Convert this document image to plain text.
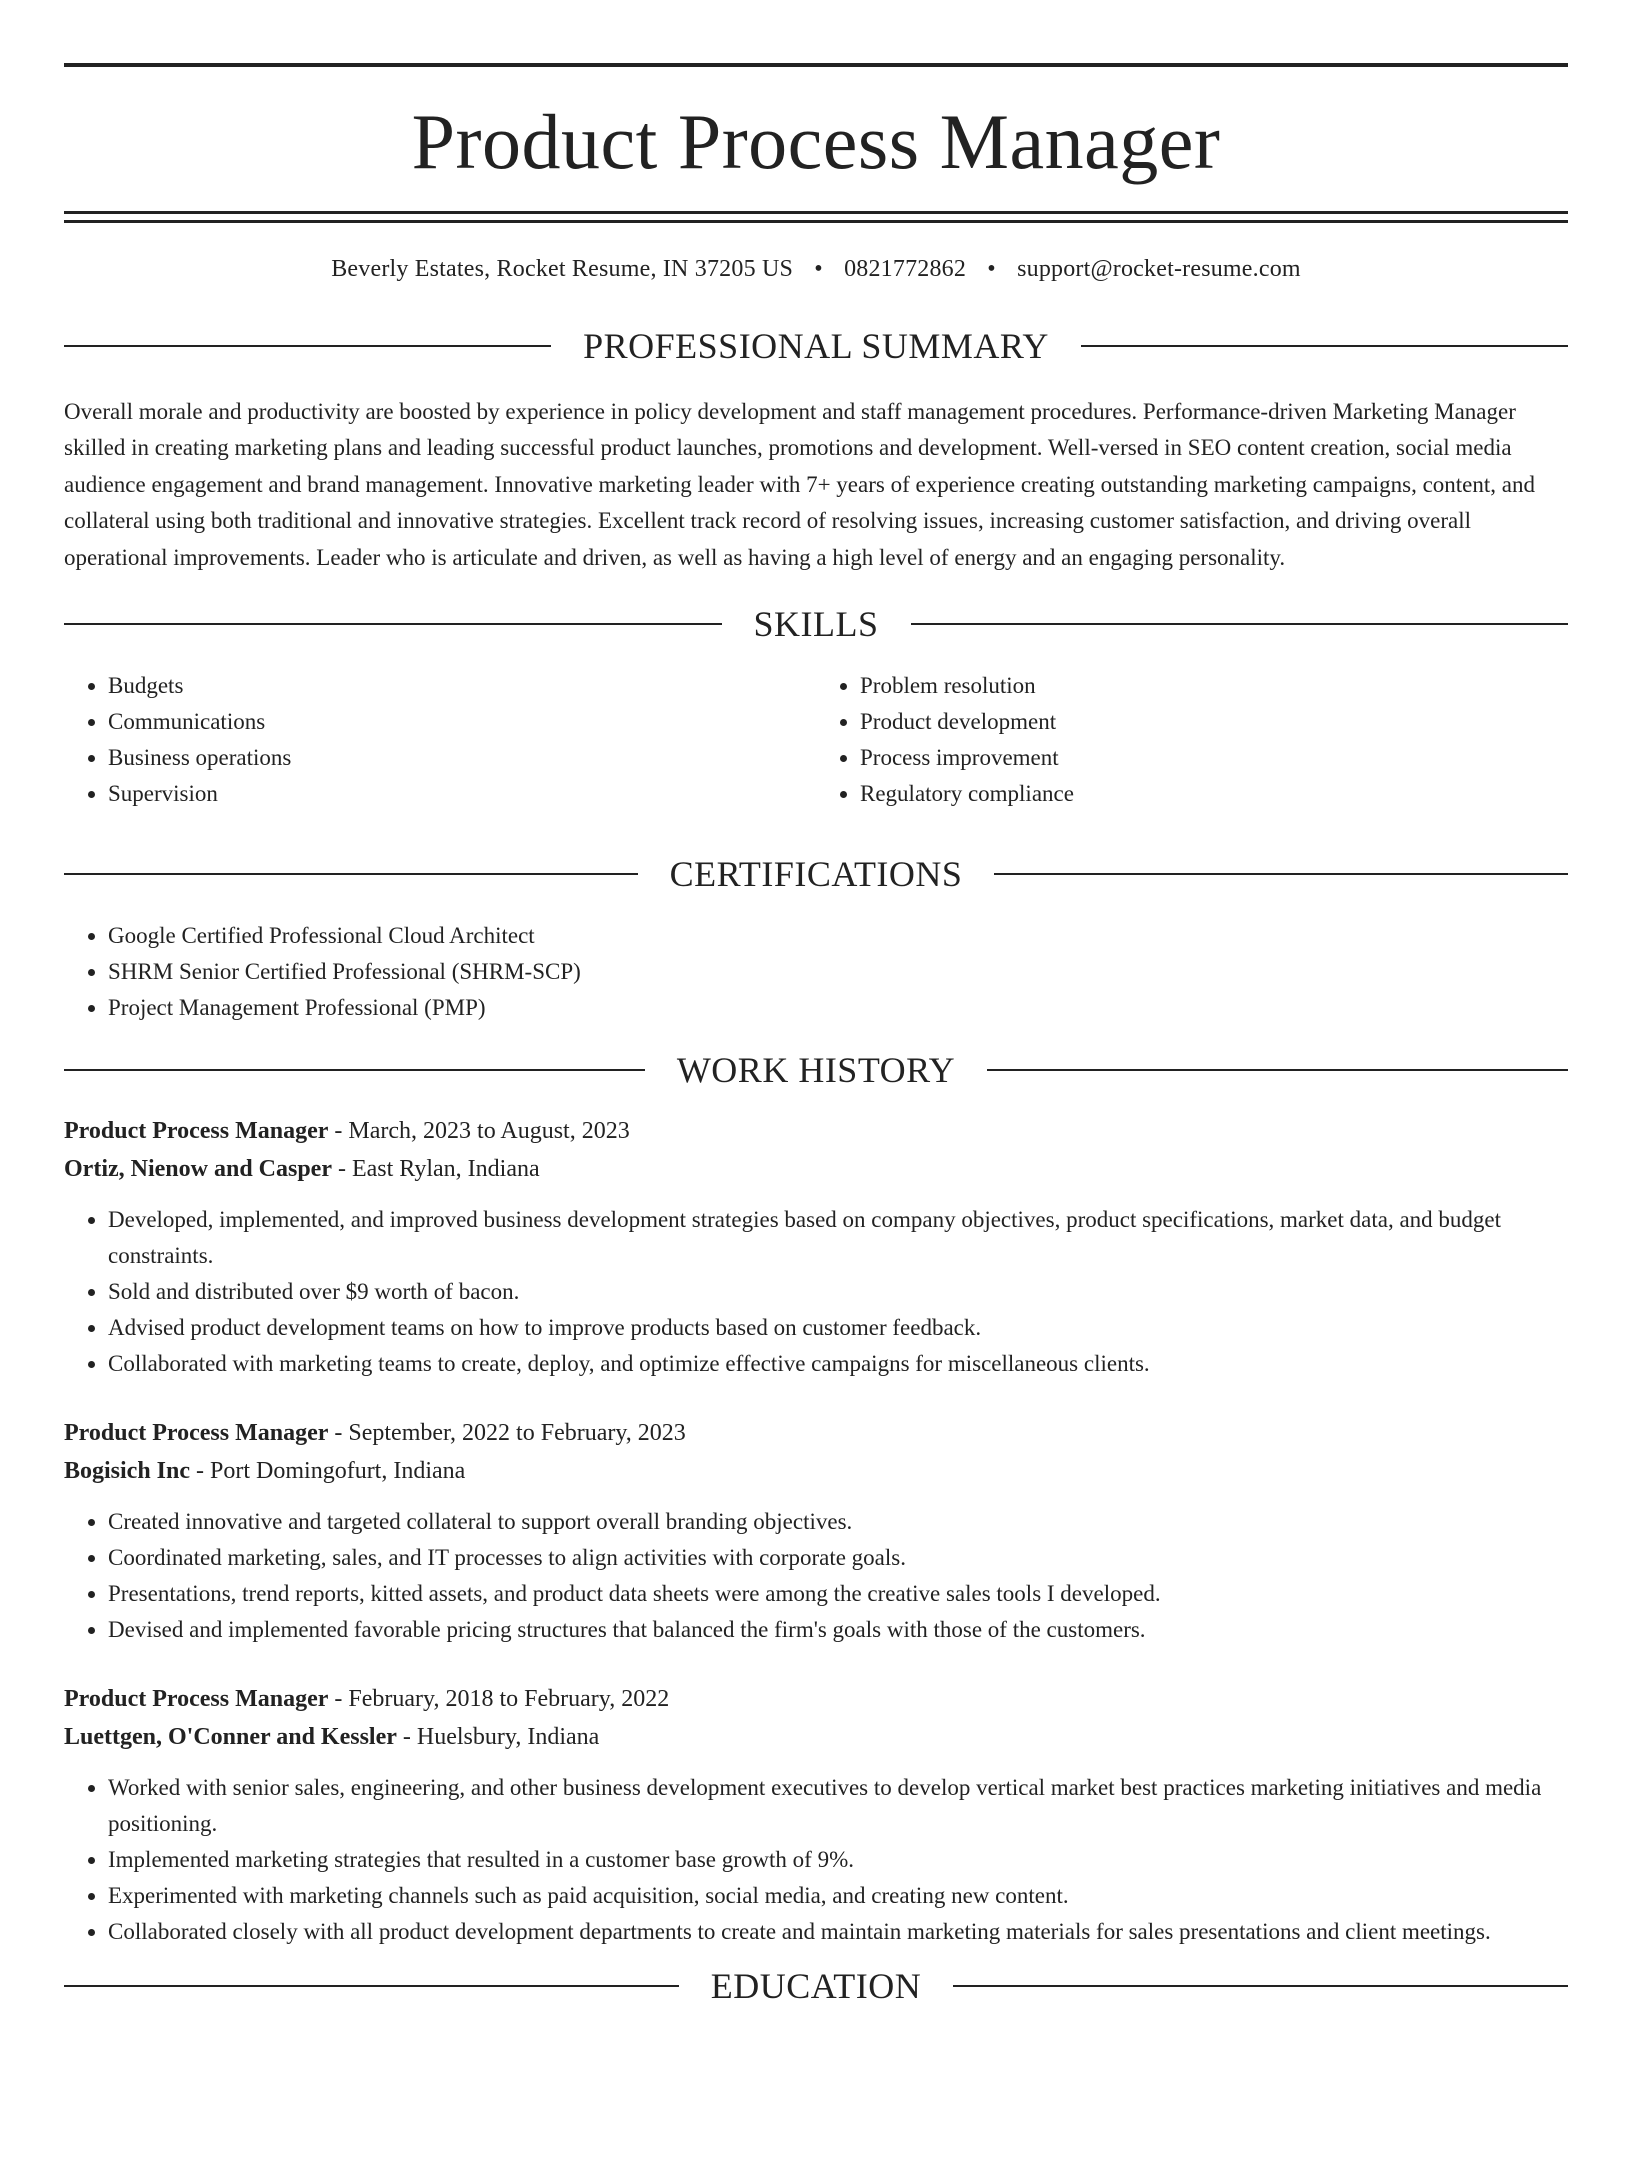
Product Process Manager
Beverly Estates, Rocket Resume, IN 37205 US • 0821772862 • support@rocket-resume.com
PROFESSIONAL SUMMARY

Overall morale and productivity are boosted by experience in policy development and staff management procedures. Performance-driven Marketing Manager skilled in creating marketing plans and leading successful product launches, promotions and development. Well-versed in SEO content creation, social media audience engagement and brand management. Innovative marketing leader with 7+ years of experience creating outstanding marketing campaigns, content, and collateral using both traditional and innovative strategies. Excellent track record of resolving issues, increasing customer satisfaction, and driving overall operational improvements. Leader who is articulate and driven, as well as having a high level of energy and an engaging personality.

SKILLS
• Budgets
• Communications
• Business operations
• Supervision
• Problem resolution
• Product development
• Process improvement
• Regulatory compliance
CERTIFICATIONS
• Google Certified Professional Cloud Architect
• SHRM Senior Certified Professional (SHRM-SCP)
• Project Management Professional (PMP)
WORK HISTORY
Product Process Manager - March, 2023 to August, 2023
Ortiz, Nienow and Casper - East Rylan, Indiana
• Developed, implemented, and improved business development strategies based on company objectives, product specifications, market data, and budget constraints.
• Sold and distributed over $9 worth of bacon.
• Advised product development teams on how to improve products based on customer feedback.
• Collaborated with marketing teams to create, deploy, and optimize effective campaigns for miscellaneous clients.
Product Process Manager - September, 2022 to February, 2023
Bogisich Inc - Port Domingofurt, Indiana
• Created innovative and targeted collateral to support overall branding objectives.
• Coordinated marketing, sales, and IT processes to align activities with corporate goals.
• Presentations, trend reports, kitted assets, and product data sheets were among the creative sales tools I developed.
• Devised and implemented favorable pricing structures that balanced the firm's goals with those of the customers.
Product Process Manager - February, 2018 to February, 2022
Luettgen, O'Conner and Kessler - Huelsbury, Indiana
• Worked with senior sales, engineering, and other business development executives to develop vertical market best practices marketing initiatives and media positioning.
• Implemented marketing strategies that resulted in a customer base growth of 9%.
• Experimented with marketing channels such as paid acquisition, social media, and creating new content.
• Collaborated closely with all product development departments to create and maintain marketing materials for sales presentations and client meetings.
EDUCATION
